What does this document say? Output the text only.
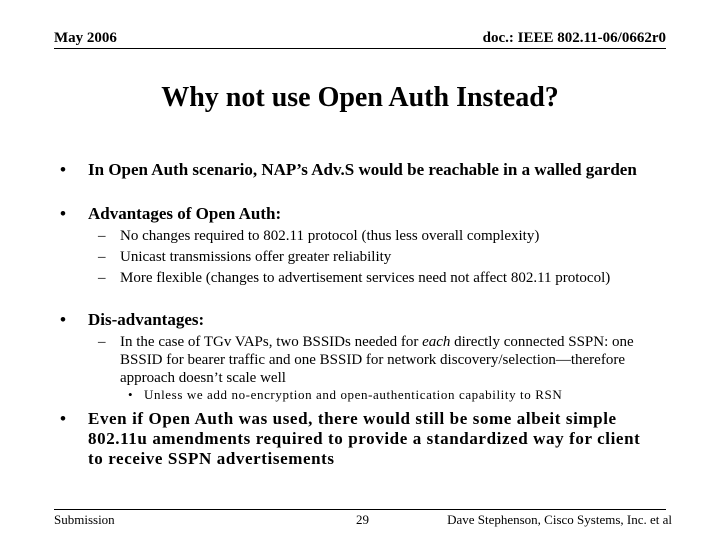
May 2006	doc.: IEEE 802.11-06/0662r0
Why not use Open Auth Instead?
•	In Open Auth scenario, NAP’s Adv.S would be reachable in a walled garden
•	Advantages of Open Auth:
– No changes required to 802.11 protocol (thus less overall complexity)
– Unicast transmissions offer greater reliability
– More flexible (changes to advertisement services need not affect 802.11 protocol)
•	Dis-advantages:
– In the case of TGv VAPs, two BSSIDs needed for each directly connected SSPN: one BSSID for bearer traffic and one BSSID for network discovery/selection—therefore approach doesn’t scale well
• Unless we add no-encryption and open-authentication capability to RSN
•	Even if Open Auth was used, there would still be some albeit simple 802.11u amendments required to provide a standardized way for client to receive SSPN advertisements
Submission	29	Dave Stephenson, Cisco Systems, Inc. et al
